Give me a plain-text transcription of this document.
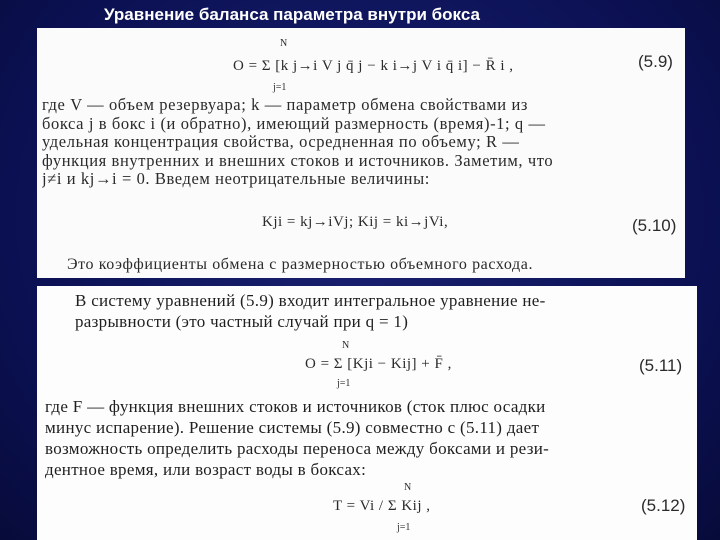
Уравнение баланса параметра внутри бокса
O = Σ [k j→i V j q̄ j − k i→j V i q̄ i] − R̄ i ,
N
j=1
(5.9)
где V — объем резервуара; k — параметр обмена свойствами из
бокса j в бокс i (и обратно), имеющий размерность (время)-1; q —
удельная концентрация свойства, осредненная по объему; R —
функция внутренних и внешних стоков и источников. Заметим, что
j≠i и kj→i = 0. Введем неотрицательные величины:
Kji = kj→iVj; Kij = ki→jVi,	(5.10)
Это коэффициенты обмена с размерностью объемного расхода.
В систему уравнений (5.9) входит интегральное уравнение не-
разрывности (это частный случай при q = 1)
O = Σ [Kji − Kij] + F̄ ,
N
j=1
(5.11)
где F — функция внешних стоков и источников (сток плюс осадки
минус испарение). Решение системы (5.9) совместно с (5.11) дает
возможность определить расходы переноса между боксами и рези-
дентное время, или возраст воды в боксах:
T = Vi / Σ Kij ,
N
j=1
(5.12)
